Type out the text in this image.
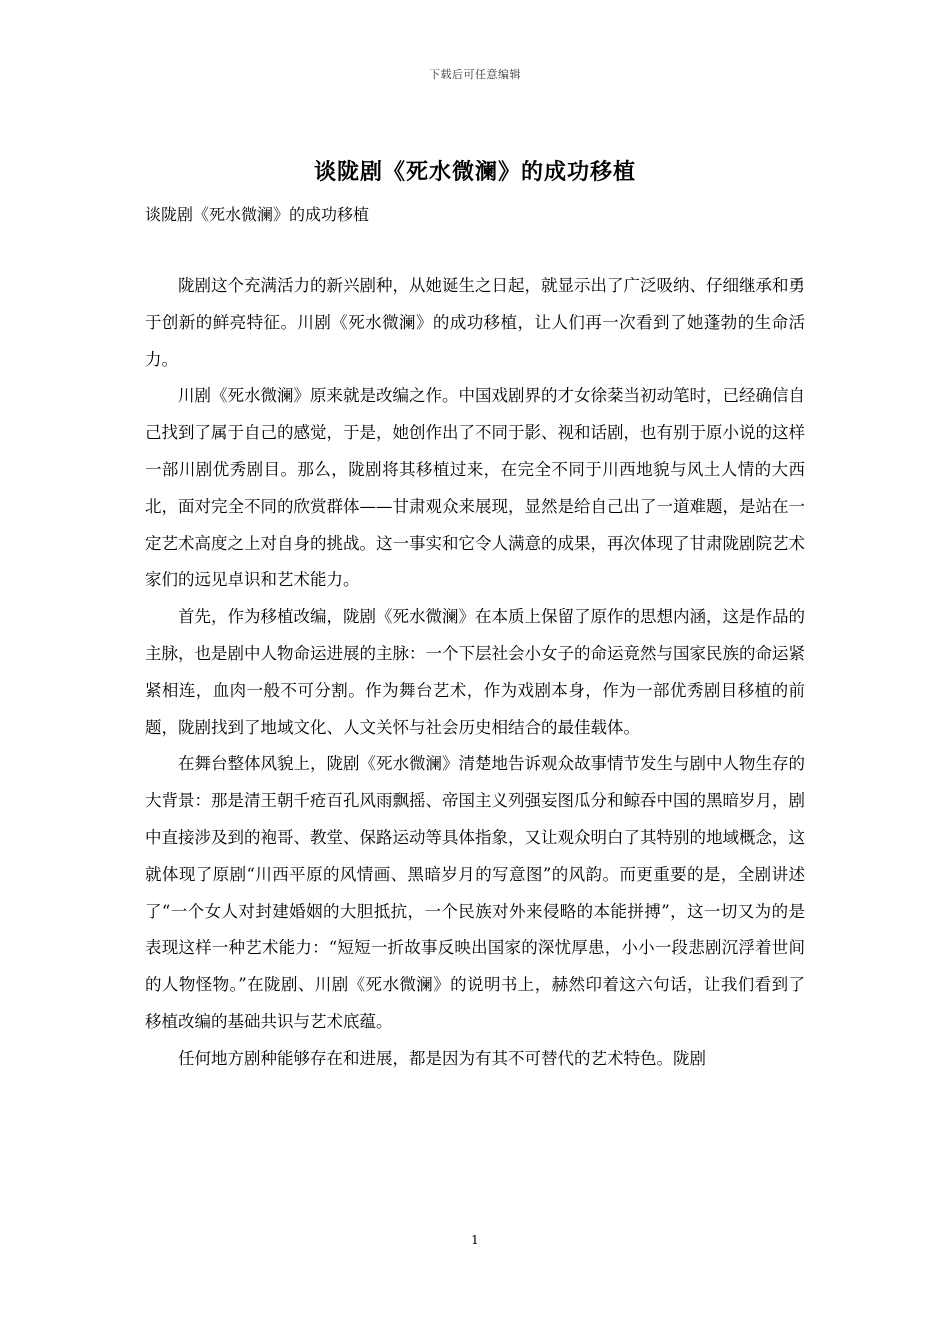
下载后可任意编辑
谈陇剧《死水微澜》的成功移植

谈陇剧《死水微澜》的成功移植

陇剧这个充满活力的新兴剧种，从她诞生之日起，就显示出了广泛吸纳、仔细继承和勇于创新的鲜亮特征。川剧《死水微澜》的成功移植，让人们再一次看到了她蓬勃的生命活力。

川剧《死水微澜》原来就是改编之作。中国戏剧界的才女徐棻当初动笔时，已经确信自己找到了属于自己的感觉，于是，她创作出了不同于影、视和话剧，也有别于原小说的这样一部川剧优秀剧目。那么，陇剧将其移植过来，在完全不同于川西地貌与风土人情的大西北，面对完全不同的欣赏群体——甘肃观众来展现，显然是给自己出了一道难题，是站在一定艺术高度之上对自身的挑战。这一事实和它令人满意的成果，再次体现了甘肃陇剧院艺术家们的远见卓识和艺术能力。

首先，作为移植改编，陇剧《死水微澜》在本质上保留了原作的思想内涵，这是作品的主脉，也是剧中人物命运进展的主脉：一个下层社会小女子的命运竟然与国家民族的命运紧紧相连，血肉一般不可分割。作为舞台艺术，作为戏剧本身，作为一部优秀剧目移植的前题，陇剧找到了地域文化、人文关怀与社会历史相结合的最佳载体。

在舞台整体风貌上，陇剧《死水微澜》清楚地告诉观众故事情节发生与剧中人物生存的大背景：那是清王朝千疮百孔风雨飘摇、帝国主义列强妄图瓜分和鲸吞中国的黑暗岁月，剧中直接涉及到的袍哥、教堂、保路运动等具体指象，又让观众明白了其特别的地域概念，这就体现了原剧“川西平原的风情画、黑暗岁月的写意图”的风韵。而更重要的是，全剧讲述了“一个女人对封建婚姻的大胆抵抗，一个民族对外来侵略的本能拼搏”，这一切又为的是表现这样一种艺术能力：“短短一折故事反映出国家的深忧厚患，小小一段悲剧沉浮着世间的人物怪物。”在陇剧、川剧《死水微澜》的说明书上，赫然印着这六句话，让我们看到了移植改编的基础共识与艺术底蕴。

任何地方剧种能够存在和进展，都是因为有其不可替代的艺术特色。陇剧

1
